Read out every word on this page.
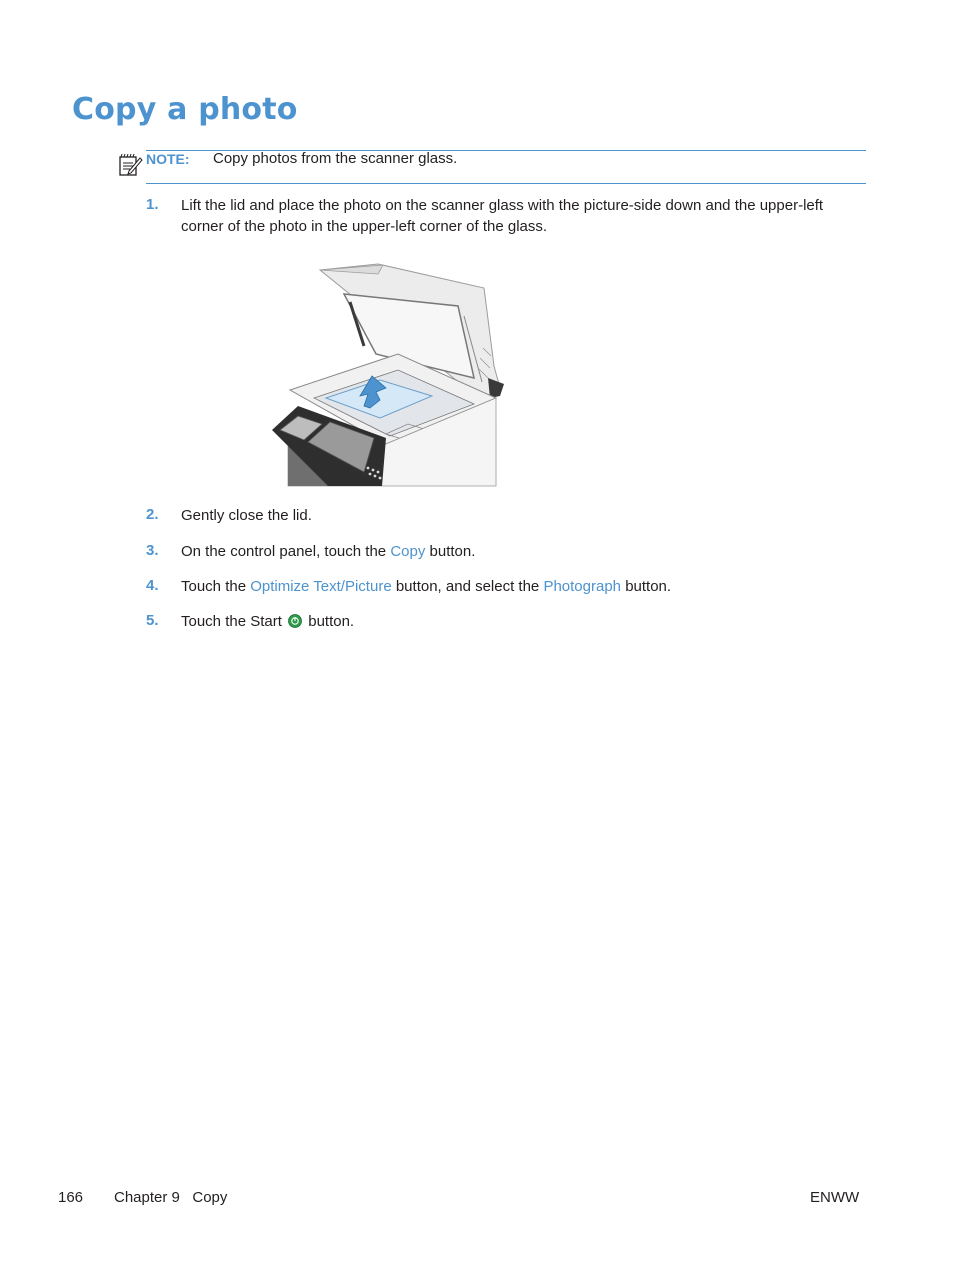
Copy a photo
NOTE: Copy photos from the scanner glass.
1. Lift the lid and place the photo on the scanner glass with the picture-side down and the upper-left corner of the photo in the upper-left corner of the glass.
2. Gently close the lid.
3. On the control panel, touch the Copy button.
4. Touch the Optimize Text/Picture button, and select the Photograph button.
5. Touch the Start  button.
166 Chapter 9   Copy	ENWW
